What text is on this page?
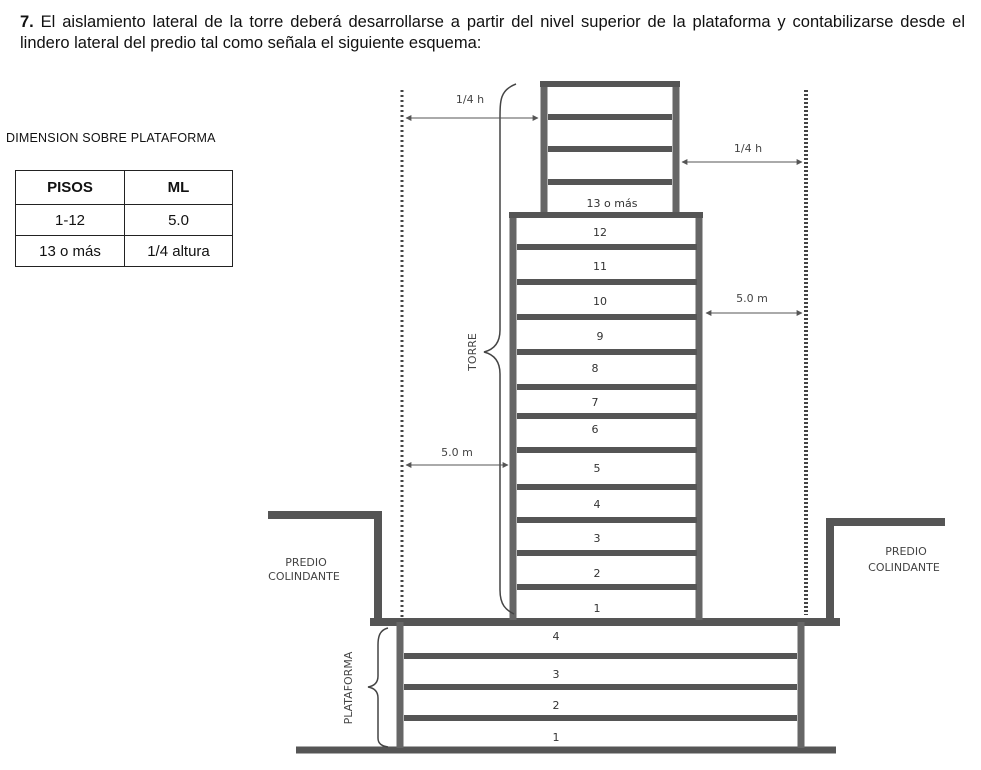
7. El aislamiento lateral de la torre deberá desarrollarse a partir del nivel superior de la plataforma y contabilizarse desde el lindero lateral del predio tal como señala el siguiente esquema:

DIMENSION SOBRE PLATAFORMA
PISOS	ML
1-12	5.0
13 o más	1/4 altura
4
3
2
1
12
11
10
9
8
7
6
5
4
3
2
1
13 o más
TORRE
PLATAFORMA
1/4 h
1/4 h
5.0 m
5.0 m
PREDIO
COLINDANTE
PREDIO
COLINDANTE
